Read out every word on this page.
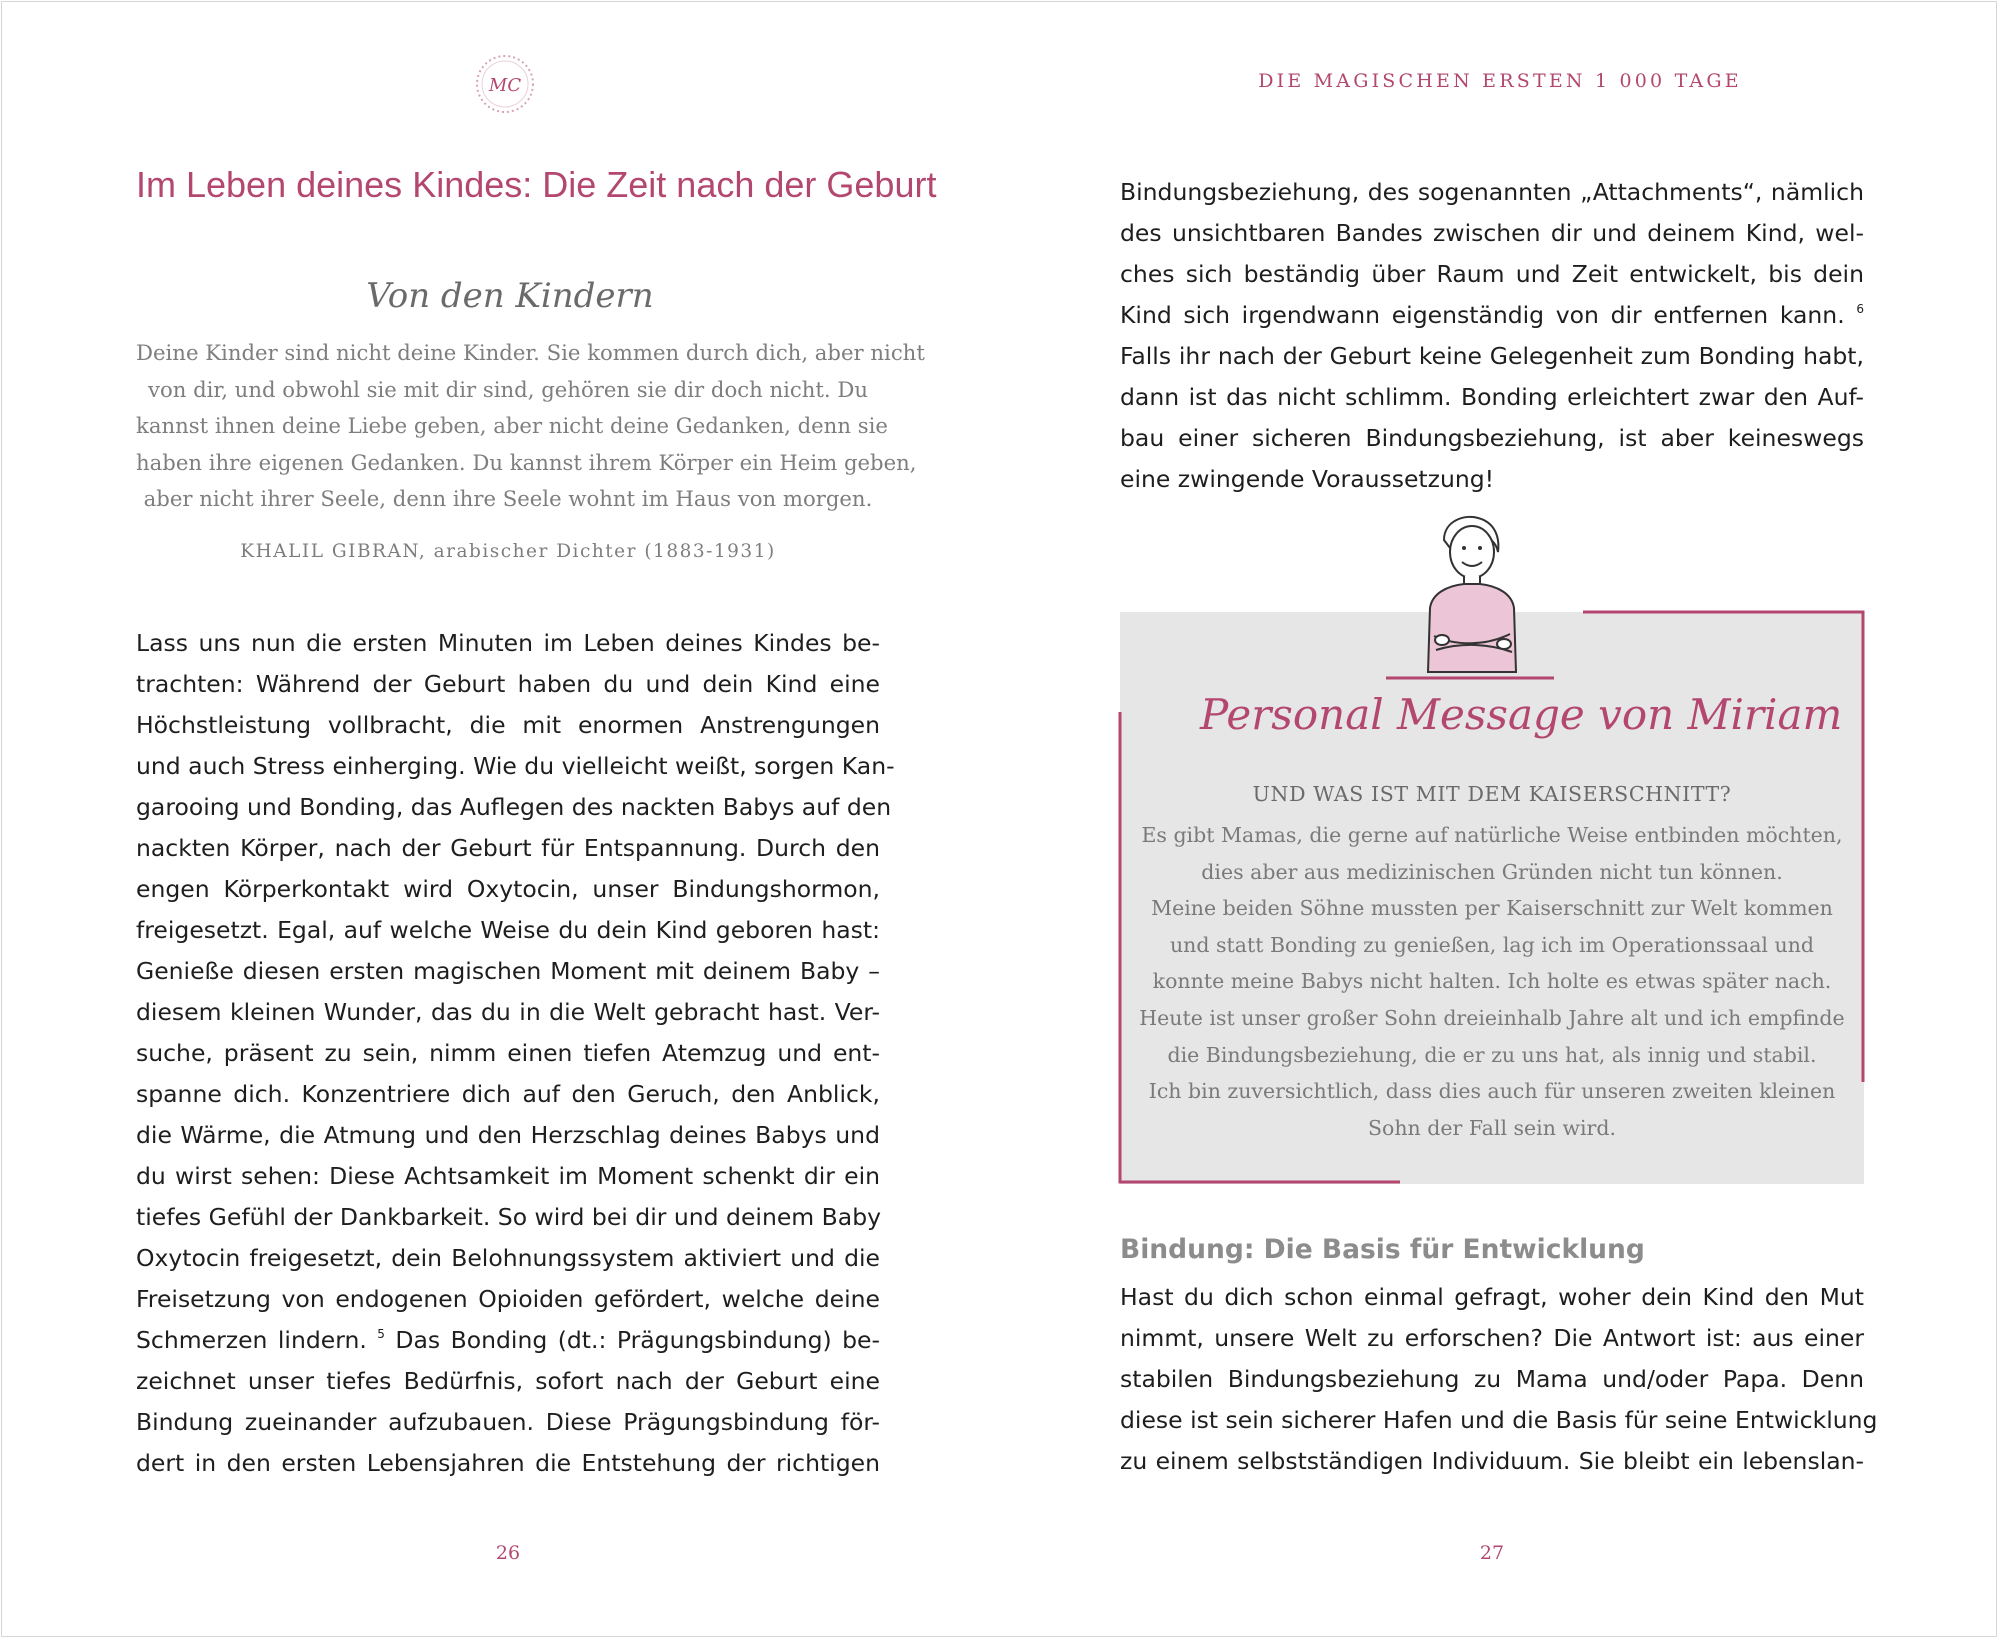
MC
Im Leben deines Kindes: Die Zeit nach der Geburt
Von den Kindern
Deine Kinder sind nicht deine Kinder. Sie kommen durch dich, aber nicht
von dir, und obwohl sie mit dir sind, gehören sie dir doch nicht. Du
kannst ihnen deine Liebe geben, aber nicht deine Gedanken, denn sie
haben ihre eigenen Gedanken. Du kannst ihrem Körper ein Heim geben,
aber nicht ihrer Seele, denn ihre Seele wohnt im Haus von morgen.
KHALIL GIBRAN, arabischer Dichter (1883-1931)
Lass uns nun die ersten Minuten im Leben deines Kindes be-
trachten: Während der Geburt haben du und dein Kind eine
Höchstleistung vollbracht, die mit enormen Anstrengungen
und auch Stress einherging. Wie du vielleicht weißt, sorgen Kan-
garooing und Bonding, das Auflegen des nackten Babys auf den
nackten Körper, nach der Geburt für Entspannung. Durch den
engen Körperkontakt wird Oxytocin, unser Bindungshormon,
freigesetzt. Egal, auf welche Weise du dein Kind geboren hast:
Genieße diesen ersten magischen Moment mit deinem Baby –
diesem kleinen Wunder, das du in die Welt gebracht hast. Ver-
suche, präsent zu sein, nimm einen tiefen Atemzug und ent-
spanne dich. Konzentriere dich auf den Geruch, den Anblick,
die Wärme, die Atmung und den Herzschlag deines Babys und
du wirst sehen: Diese Achtsamkeit im Moment schenkt dir ein
tiefes Gefühl der Dankbarkeit. So wird bei dir und deinem Baby
Oxytocin freigesetzt, dein Belohnungssystem aktiviert und die
Freisetzung von endogenen Opioiden gefördert, welche deine
Schmerzen lindern. $^5$ Das Bonding (dt.: Prägungsbindung) be-
zeichnet unser tiefes Bedürfnis, sofort nach der Geburt eine
Bindung zueinander aufzubauen. Diese Prägungsbindung för-
dert in den ersten Lebensjahren die Entstehung der richtigen
26
DIE MAGISCHEN ERSTEN 1 000 TAGE
Bindungsbeziehung, des sogenannten „Attachments“, nämlich
des unsichtbaren Bandes zwischen dir und deinem Kind, wel-
ches sich beständig über Raum und Zeit entwickelt, bis dein
Kind sich irgendwann eigenständig von dir entfernen kann. $^6$
Falls ihr nach der Geburt keine Gelegenheit zum Bonding habt,
dann ist das nicht schlimm. Bonding erleichtert zwar den Auf-
bau einer sicheren Bindungsbeziehung, ist aber keineswegs
eine zwingende Voraussetzung!
Personal Message von Miriam
UND WAS IST MIT DEM KAISERSCHNITT?
Es gibt Mamas, die gerne auf natürliche Weise entbinden möchten,
dies aber aus medizinischen Gründen nicht tun können.
Meine beiden Söhne mussten per Kaiserschnitt zur Welt kommen
und statt Bonding zu genießen, lag ich im Operationssaal und
konnte meine Babys nicht halten. Ich holte es etwas später nach.
Heute ist unser großer Sohn dreieinhalb Jahre alt und ich empfinde
die Bindungsbeziehung, die er zu uns hat, als innig und stabil.
Ich bin zuversichtlich, dass dies auch für unseren zweiten kleinen
Sohn der Fall sein wird.
Bindung: Die Basis für Entwicklung
Hast du dich schon einmal gefragt, woher dein Kind den Mut
nimmt, unsere Welt zu erforschen? Die Antwort ist: aus einer
stabilen Bindungsbeziehung zu Mama und/oder Papa. Denn
diese ist sein sicherer Hafen und die Basis für seine Entwicklung
zu einem selbstständigen Individuum. Sie bleibt ein lebenslan-
27
